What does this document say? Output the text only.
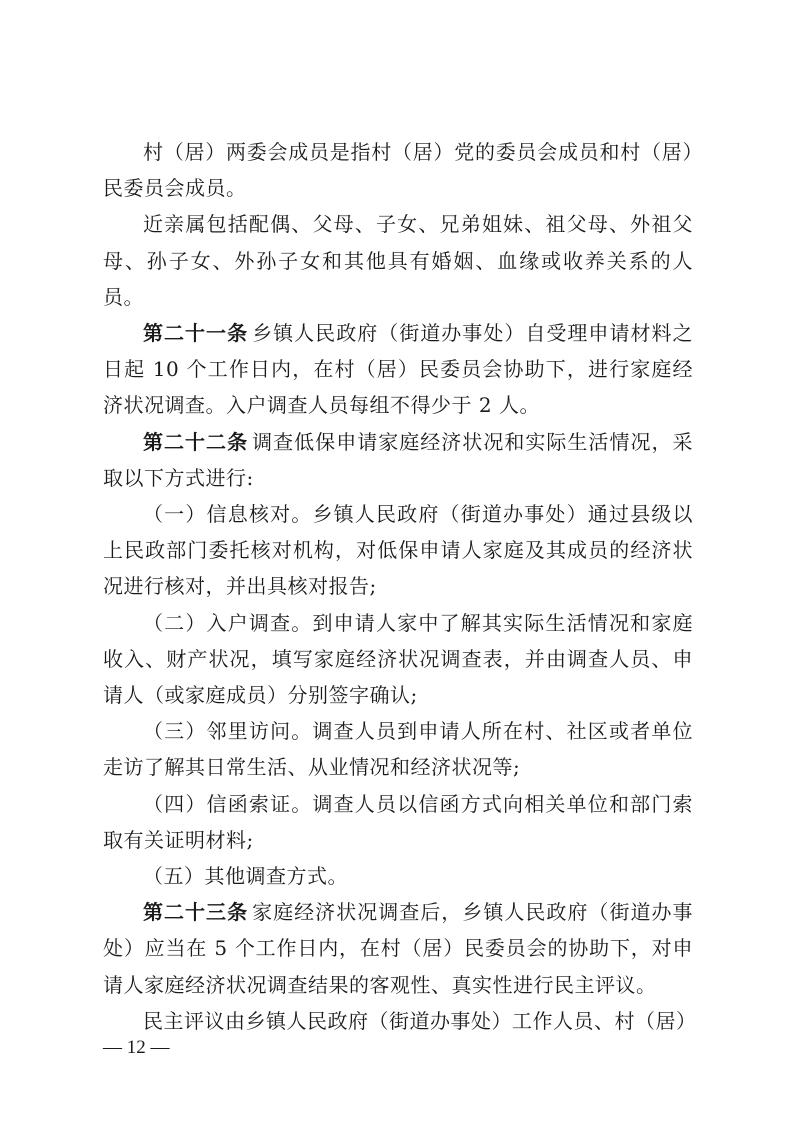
村（居）两委会成员是指村（居）党的委员会成员和村（居）民委员会成员。

近亲属包括配偶、父母、子女、兄弟姐妹、祖父母、外祖父母、孙子女、外孙子女和其他具有婚姻、血缘或收养关系的人员。

第二十一条 乡镇人民政府（街道办事处）自受理申请材料之日起 10 个工作日内，在村（居）民委员会协助下，进行家庭经济状况调查。入户调查人员每组不得少于 2 人。

第二十二条 调查低保申请家庭经济状况和实际生活情况，采取以下方式进行:

（一）信息核对。乡镇人民政府（街道办事处）通过县级以上民政部门委托核对机构，对低保申请人家庭及其成员的经济状况进行核对，并出具核对报告;

（二）入户调查。到申请人家中了解其实际生活情况和家庭收入、财产状况，填写家庭经济状况调查表，并由调查人员、申请人（或家庭成员）分别签字确认;

（三）邻里访问。调查人员到申请人所在村、社区或者单位走访了解其日常生活、从业情况和经济状况等;

（四）信函索证。调查人员以信函方式向相关单位和部门索取有关证明材料;

（五）其他调查方式。

第二十三条 家庭经济状况调查后，乡镇人民政府（街道办事处）应当在 5 个工作日内，在村（居）民委员会的协助下，对申请人家庭经济状况调查结果的客观性、真实性进行民主评议。

民主评议由乡镇人民政府（街道办事处）工作人员、村（居）

— 12 —
